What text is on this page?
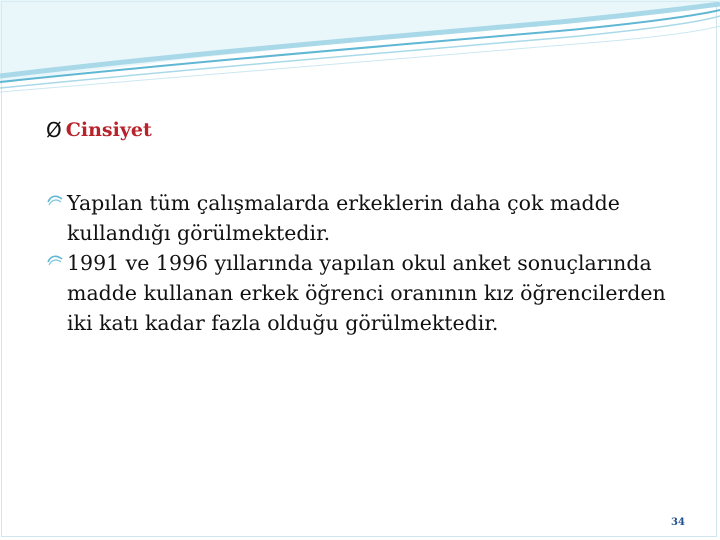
Ø Cinsiyet
Yapılan tüm çalışmalarda erkeklerin daha çok madde kullandığı görülmektedir.
1991 ve 1996 yıllarında yapılan okul anket sonuçlarında madde kullanan erkek öğrenci oranının kız öğrencilerden iki katı kadar fazla olduğu görülmektedir.
34
